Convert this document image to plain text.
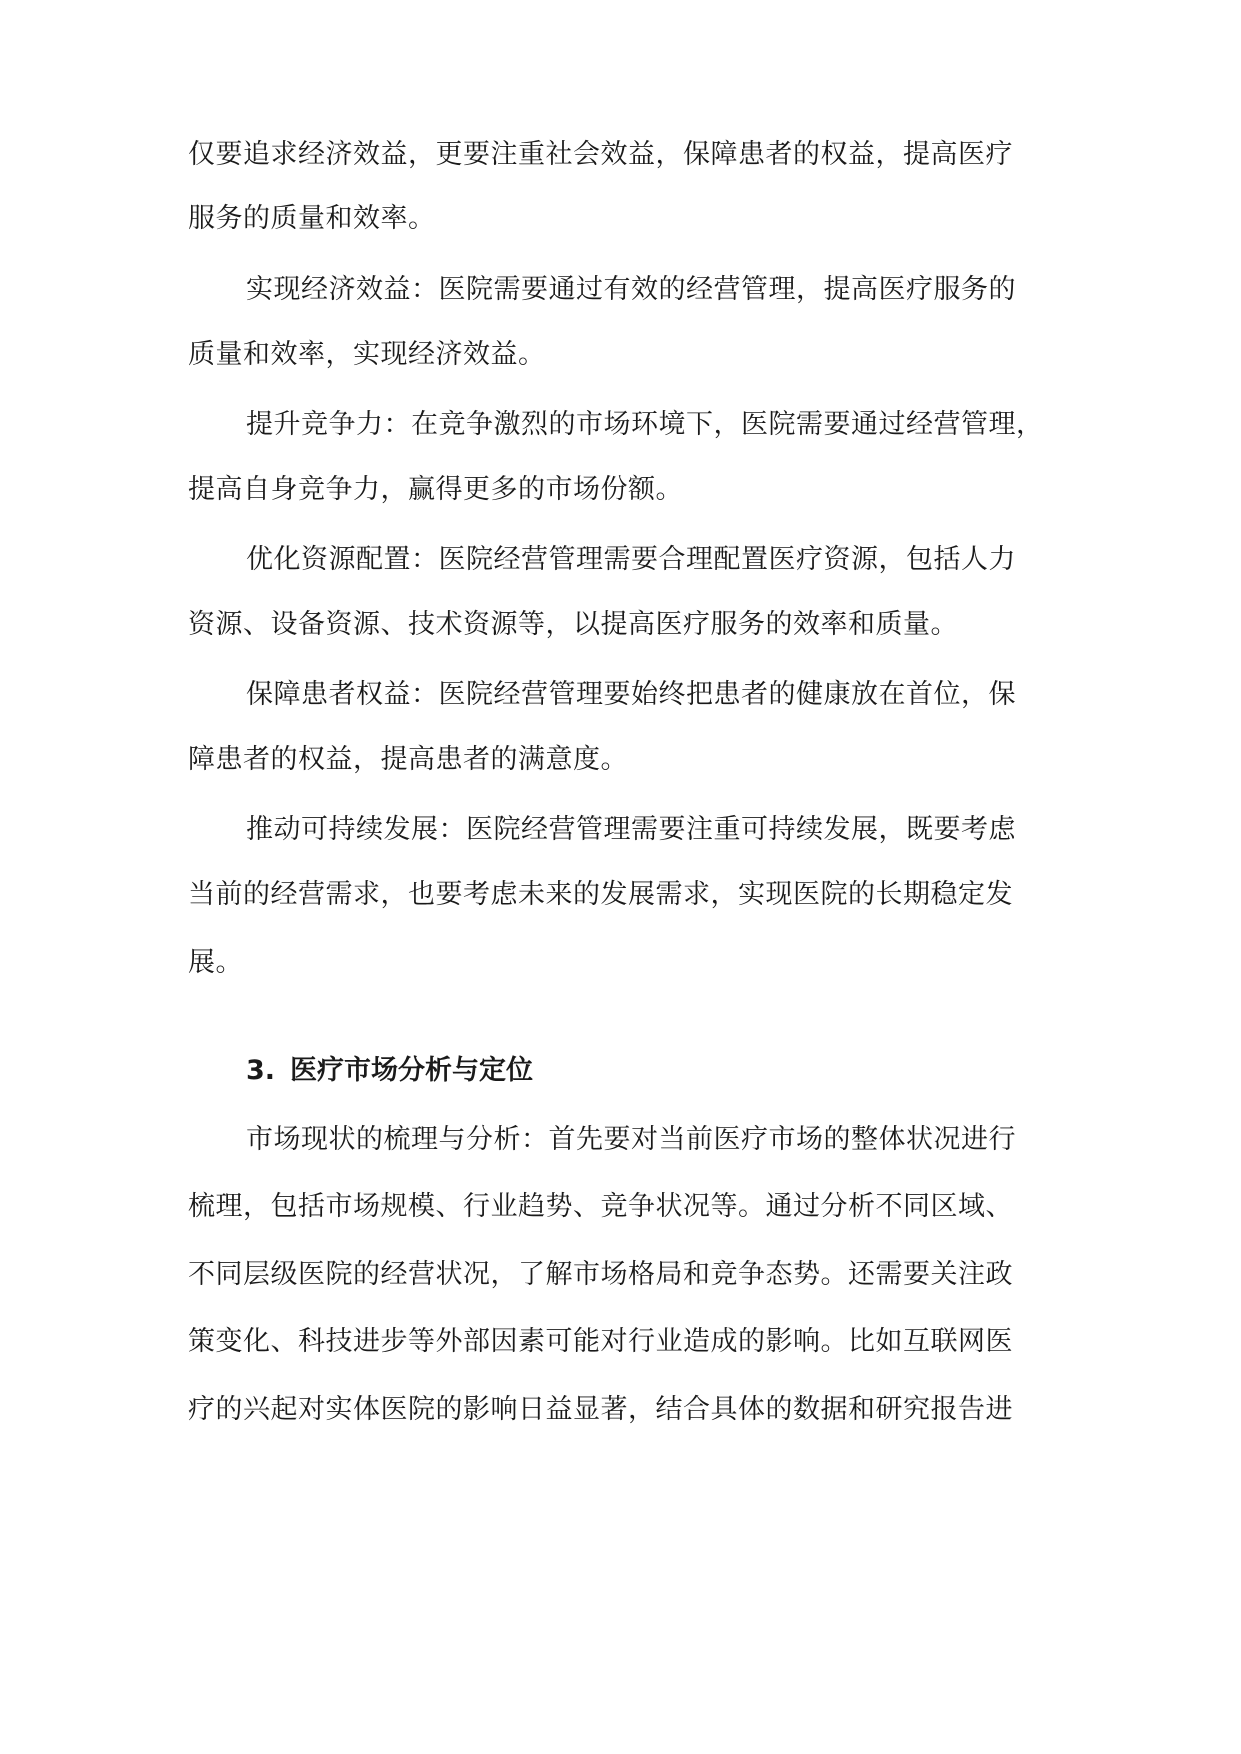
仅要追求经济效益，更要注重社会效益，保障患者的权益，提高医疗
服务的质量和效率。
实现经济效益：医院需要通过有效的经营管理，提高医疗服务的
质量和效率，实现经济效益。
提升竞争力：在竞争激烈的市场环境下，医院需要通过经营管理，
提高自身竞争力，赢得更多的市场份额。
优化资源配置：医院经营管理需要合理配置医疗资源，包括人力
资源、设备资源、技术资源等，以提高医疗服务的效率和质量。
保障患者权益：医院经营管理要始终把患者的健康放在首位，保
障患者的权益，提高患者的满意度。
推动可持续发展：医院经营管理需要注重可持续发展，既要考虑
当前的经营需求，也要考虑未来的发展需求，实现医院的长期稳定发
展。
3. 医疗市场分析与定位
市场现状的梳理与分析：首先要对当前医疗市场的整体状况进行
梳理，包括市场规模、行业趋势、竞争状况等。通过分析不同区域、
不同层级医院的经营状况，了解市场格局和竞争态势。还需要关注政
策变化、科技进步等外部因素可能对行业造成的影响。比如互联网医
疗的兴起对实体医院的影响日益显著，结合具体的数据和研究报告进
